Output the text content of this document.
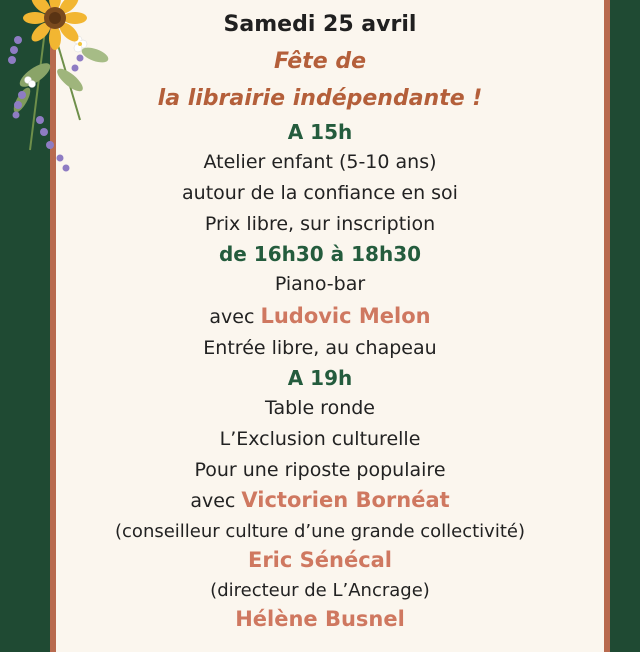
Samedi 25 avril
Fête de
la librairie indépendante !
A 15h
Atelier enfant (5-10 ans)
autour de la confiance en soi
Prix libre, sur inscription
de 16h30 à 18h30
Piano-bar
avec Ludovic Melon
Entrée libre, au chapeau
A 19h
Table ronde
L’Exclusion culturelle
Pour une riposte populaire
avec Victorien Bornéat
(conseilleur culture d’une grande collectivité)
Eric Sénécal
(directeur de L’Ancrage)
Hélène Busnel
